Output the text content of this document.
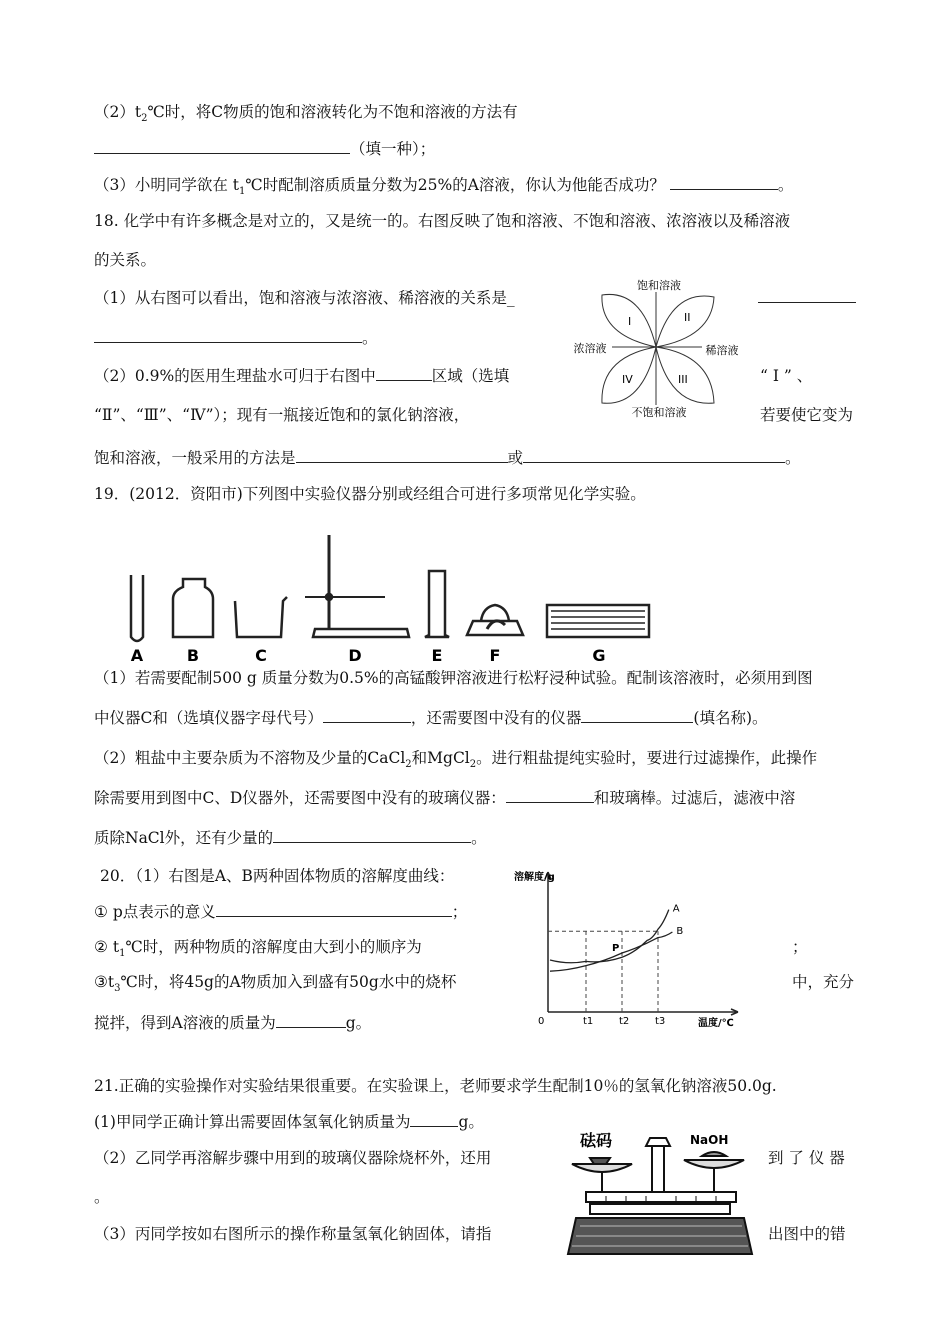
$(2)t_2℃$时，将C物质的饱和溶液转化为不饱和溶液的方法有
（填一种）；
（3）小明同学欲在 $t_1℃$时配制溶质质量分数为25%的A溶液，你认为他能否成功？	。
18. 化学中有许多概念是对立的，又是统一的。右图反映了饱和溶液、不饱和溶液、浓溶液以及稀溶液
的关系。
（1）从右图可以看出，饱和溶液与浓溶液、稀溶液的关系是_
。
（2）0.9%的医用生理盐水可归于右图中	区域（选填	“ Ⅰ ” 、
“Ⅱ”、“Ⅲ”、“Ⅳ”）；现有一瓶接近饱和的氯化钠溶液，	若要使它变为
饱和溶液，一般采用的方法是	或	。
饱和溶液
浓溶液	稀溶液
不饱和溶液
I	II
III
IV
19．(2012．资阳市)下列图中实验仪器分别或经组合可进行多项常见化学实验。
A	B	C	D	E	F	G
（1）若需要配制500 g 质量分数为0.5%的高锰酸钾溶液进行松籽浸种试验。配制该溶液时，必须用到图
中仪器C和（选填仪器字母代号）	，还需要图中没有的仪器	(填名称)。
（2）粗盐中主要杂质为不溶物及少量的CaCl$_2$和MgCl$_2$。进行粗盐提纯实验时，要进行过滤操作，此操作
除需要用到图中C、D仪器外，还需要图中没有的玻璃仪器：	和玻璃棒。过滤后，滤液中溶
质除NaCl外，还有少量的	。
20．（1）右图是A、B两种固体物质的溶解度曲线：
① p点表示的意义	；
② $t_1℃$时，两种物质的溶解度由大到小的顺序为	；
$③t_3℃$时，将45g的A物质加入到盛有50g水中的烧杯	中，充分
搅拌，得到A溶液的质量为	g。
A
B
0	t1	t2	t3
P
溶解度/g
温度/℃
21.正确的实验操作对实验结果很重要。在实验课上，老师要求学生配制10％的氢氧化钠溶液50.0g.
(1)甲同学正确计算出需要固体氢氧化钠质量为	g。
（2）乙同学再溶解步骤中用到的玻璃仪器除烧杯外，还用	到 了 仪 器
。
（3）丙同学按如右图所示的操作称量氢氧化钠固体，请指	出图中的错
砝码	NaOH
